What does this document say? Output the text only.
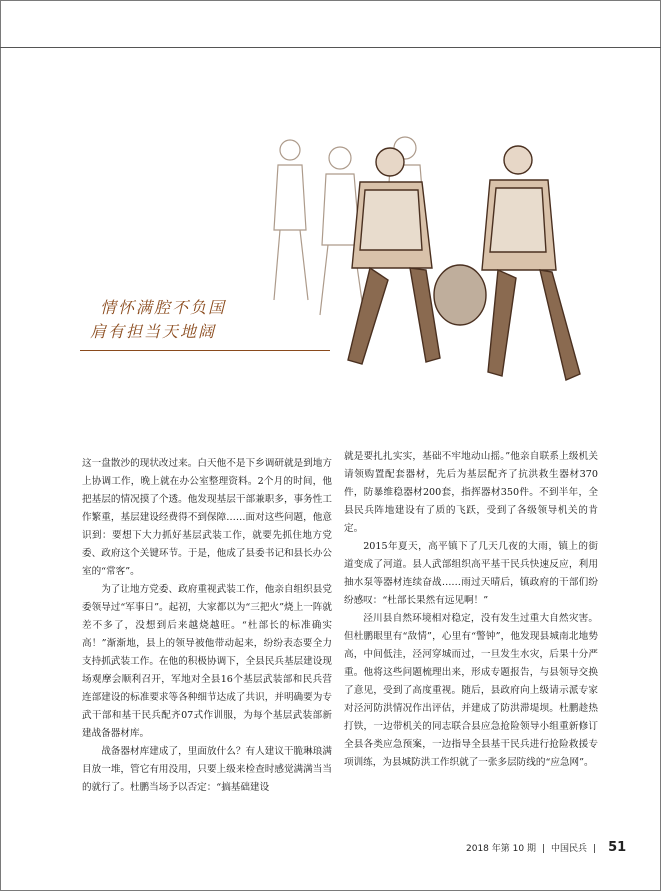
情怀满腔不负国
肩有担当天地阔

这一盘散沙的现状改过来。白天他不是下乡调研就是到地方上协调工作，晚上就在办公室整理资料。2个月的时间，他把基层的情况摸了个透。他发现基层干部兼职多，事务性工作繁重，基层建设经费得不到保障……面对这些问题，他意识到：要想下大力抓好基层武装工作，就要先抓住地方党委、政府这个关键环节。于是，他成了县委书记和县长办公室的“常客”。

为了让地方党委、政府重视武装工作，他亲自组织县党委领导过“军事日”。起初，大家都以为“三把火”烧上一阵就差不多了，没想到后来越烧越旺。“杜部长的标准确实高！”渐渐地，县上的领导被他带动起来，纷纷表态要全力支持抓武装工作。在他的积极协调下，全县民兵基层建设现场观摩会顺利召开，军地对全县16个基层武装部和民兵营连部建设的标准要求等各种细节达成了共识，并明确要为专武干部和基干民兵配齐07式作训服，为每个基层武装部新建战备器材库。

战备器材库建成了，里面放什么？有人建议干脆琳琅满目放一堆，管它有用没用，只要上级来检查时感觉满满当当的就行了。杜鹏当场予以否定：“搞基础建设

就是要扎扎实实，基础不牢地动山摇。”他亲自联系上级机关请领购置配套器材，先后为基层配齐了抗洪救生器材370件，防暴维稳器材200套，指挥器材350件。不到半年，全县民兵阵地建设有了质的飞跃，受到了各级领导机关的肯定。

2015年夏天，高平镇下了几天几夜的大雨，镇上的街道变成了河道。县人武部组织高平基干民兵快速反应，利用抽水泵等器材连续奋战……雨过天晴后，镇政府的干部们纷纷感叹：“杜部长果然有远见啊！”

泾川县自然环境相对稳定，没有发生过重大自然灾害。但杜鹏眼里有“敌情”，心里有“警钟”，他发现县城南北地势高，中间低洼，泾河穿城而过，一旦发生水灾，后果十分严重。他将这些问题梳理出来，形成专题报告，与县领导交换了意见，受到了高度重视。随后，县政府向上级请示派专家对泾河防洪情况作出评估，并建成了防洪滞堤坝。杜鹏趁热打铁，一边带机关的同志联合县应急抢险领导小组重新修订全县各类应急预案，一边指导全县基干民兵进行抢险救援专项训练，为县城防洪工作织就了一张多层防线的“应急网”。

2018 年第 10 期 | 中国民兵 | 51
